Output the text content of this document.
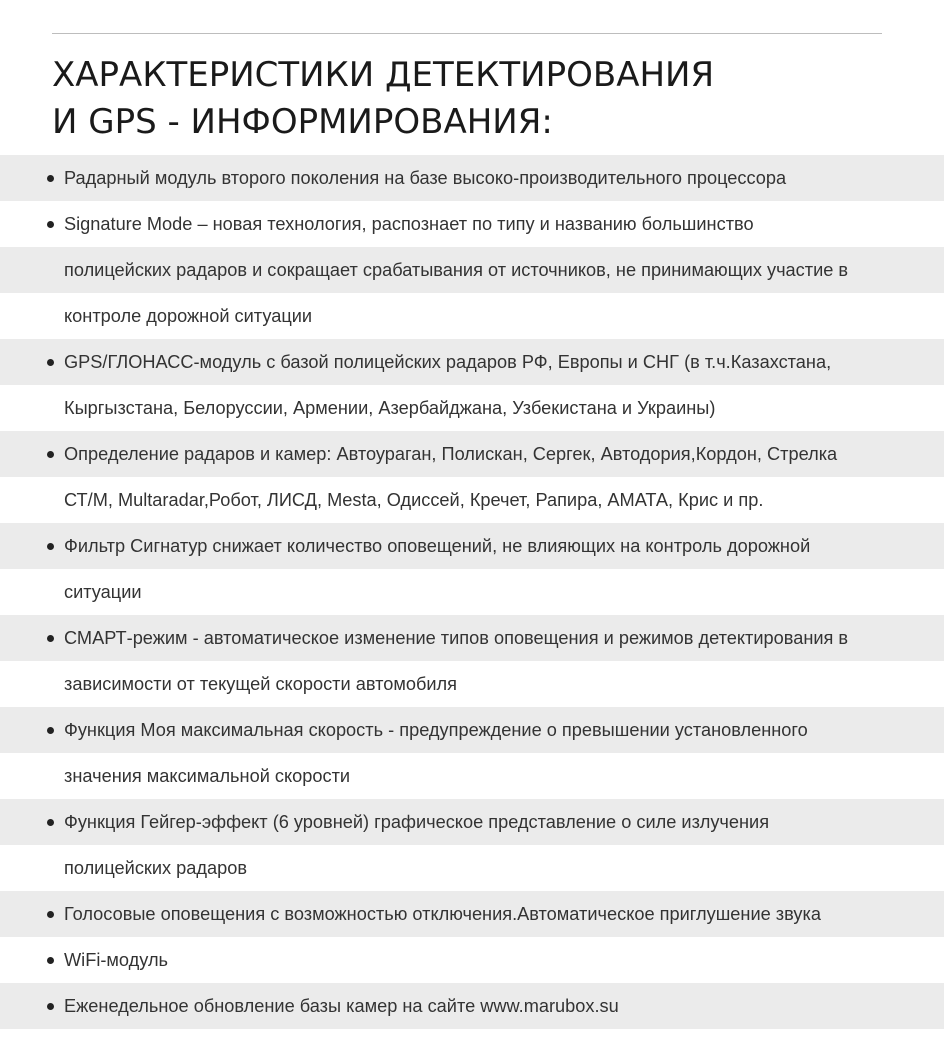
ХАРАКТЕРИСТИКИ ДЕТЕКТИРОВАНИЯ
И GPS - ИНФОРМИРОВАНИЯ:
Радарный модуль второго поколения на базе высоко-производительного процессора
Signature Mode – новая технология, распознает по типу и названию большинство
полицейских радаров и сокращает срабатывания от источников, не принимающих участие в
контроле дорожной ситуации
GPS/ГЛОНАСС-модуль с базой полицейских радаров РФ, Европы и СНГ (в т.ч.Казахстана,
Кыргызстана, Белоруссии, Армении, Азербайджана, Узбекистана и Украины)
Определение радаров и камер: Автоураган, Полискан, Сергек, Автодория,Кордон, Стрелка
СТ/М, Multaradar,Робот, ЛИСД, Mesta, Одиссей, Кречет, Рапира, АМАТА, Крис и пр.
Фильтр Сигнатур снижает количество оповещений, не влияющих на контроль дорожной
ситуации
СМАРТ-режим - автоматическое изменение типов оповещения и режимов детектирования в
зависимости от текущей скорости автомобиля
Функция Моя максимальная скорость - предупреждение о превышении установленного
значения максимальной скорости
Функция Гейгер-эффект (6 уровней) графическое представление о силе излучения
полицейских радаров
Голосовые оповещения с возможностью отключения.Автоматическое приглушение звука
WiFi-модуль
Еженедельное обновление базы камер на сайте www.marubox.su
